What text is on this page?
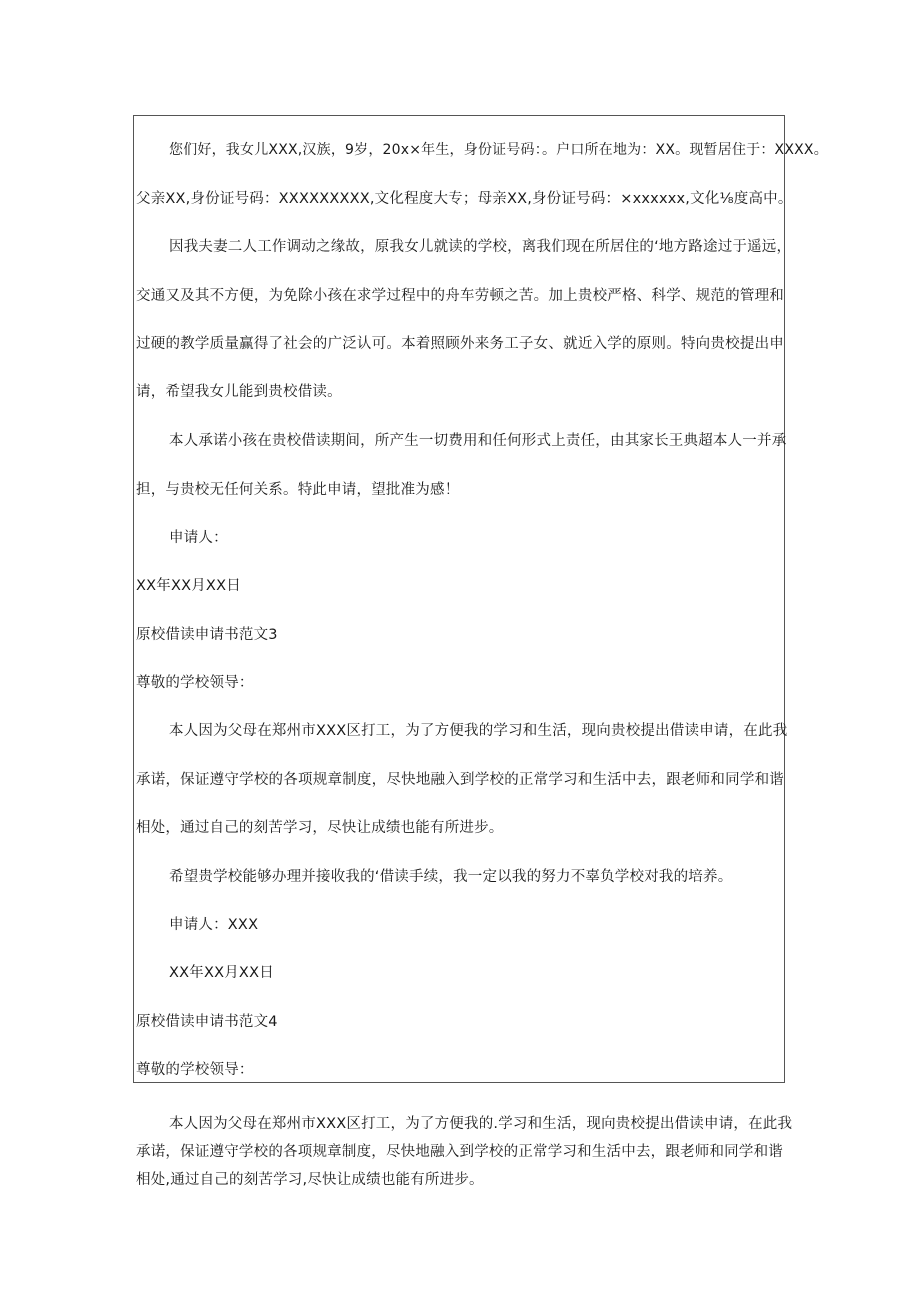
您们好，我女儿XXX,汉族，9岁，20x×年生，身份证号码：。户口所在地为：XX。现暂居住于：XXXX。

父亲XX,身份证号码：XXXXXXXXX,文化程度大专；母亲XX,身份证号码：×xxxxxx,文化⅛度高中。

因我夫妻二人工作调动之缘故，原我女儿就读的学校，离我们现在所居住的‘地方路途过于遥远，

交通又及其不方便，为免除小孩在求学过程中的舟车劳顿之苦。加上贵校严格、科学、规范的管理和

过硬的教学质量赢得了社会的广泛认可。本着照顾外来务工子女、就近入学的原则。特向贵校提出申

请，希望我女儿能到贵校借读。

本人承诺小孩在贵校借读期间，所产生一切费用和任何形式上责任，由其家长王典超本人一并承

担，与贵校无任何关系。特此申请，望批准为感！

申请人：

XX年XX月XX日

原校借读申请书范文3

尊敬的学校领导：

本人因为父母在郑州市XXX区打工，为了方便我的学习和生活，现向贵校提出借读申请，在此我

承诺，保证遵守学校的各项规章制度，尽快地融入到学校的正常学习和生活中去，跟老师和同学和谐

相处，通过自己的刻苦学习，尽快让成绩也能有所进步。

希望贵学校能够办理并接收我的‘借读手续，我一定以我的努力不辜负学校对我的培养。

申请人：XXX

XX年XX月XX日

原校借读申请书范文4

尊敬的学校领导：

本人因为父母在郑州市XXX区打工，为了方便我的.学习和生活，现向贵校提出借读申请，在此我

承诺，保证遵守学校的各项规章制度，尽快地融入到学校的正常学习和生活中去，跟老师和同学和谐

相处,通过自己的刻苦学习,尽快让成绩也能有所进步。
